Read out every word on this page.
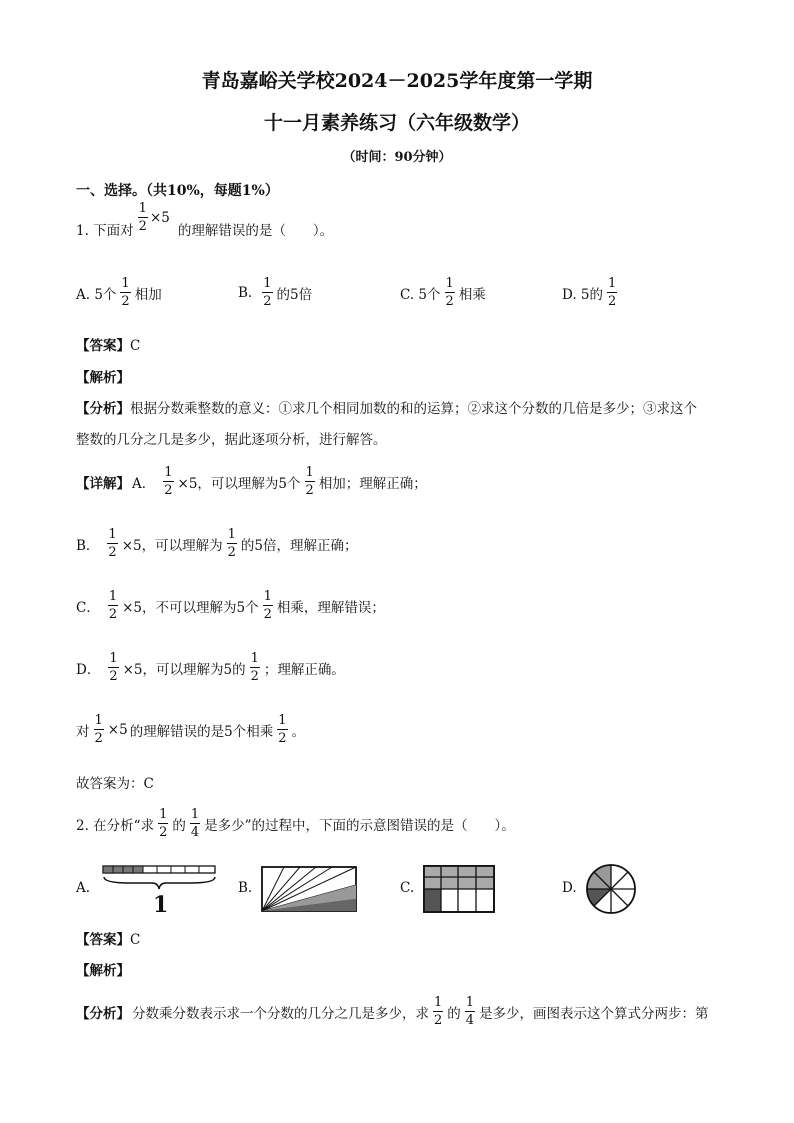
青岛嘉峪关学校2024－2025学年度第一学期
十一月素养练习（六年级数学）
（时间：90分钟）
一、选择。（共10%，每题1%）
1. 下面对 $\frac{1}{2} \times 5$
的理解错误的是（　　）。
A. 5个 $\frac{1}{2}$ 相加	B. $\frac{1}{2}$ 的5倍	C. 5个 $\frac{1}{2}$ 相乘	D. 5的 $\frac{1}{2}$
【答案】C
【解析】
【分析】根据分数乘整数的意义：①求几个相同加数的和的运算；②求这个分数的几倍是多少；③求这个
整数的几分之几是多少，据此逐项分析，进行解答。
【详解】 A． $\frac{1}{2} \times 5$，可以理解为5个 $\frac{1}{2}$ 相加；理解正确；
B． $\frac{1}{2} \times 5$，可以理解为 $\frac{1}{2}$ 的5倍，理解正确；
C． $\frac{1}{2} \times 5$，不可以理解为5个 $\frac{1}{2}$ 相乘，理解错误；
D． $\frac{1}{2} \times 5$，可以理解为5的 $\frac{1}{2}$ ；理解正确。
对 $\frac{1}{2} \times 5$ 的理解错误的是5个相乘 $\frac{1}{2}$ 。
故答案为：C
2. 在分析“求 $\frac{1}{2}$ 的 $\frac{1}{4}$ 是多少”的过程中，下面的示意图错误的是（　　）。
A.
1
B.	C.	D.
【答案】C
【解析】
【分析】 分数乘分数表示求一个分数的几分之几是多少，求 $\frac{1}{2}$ 的 $\frac{1}{4}$ 是多少，画图表示这个算式分两步：第
